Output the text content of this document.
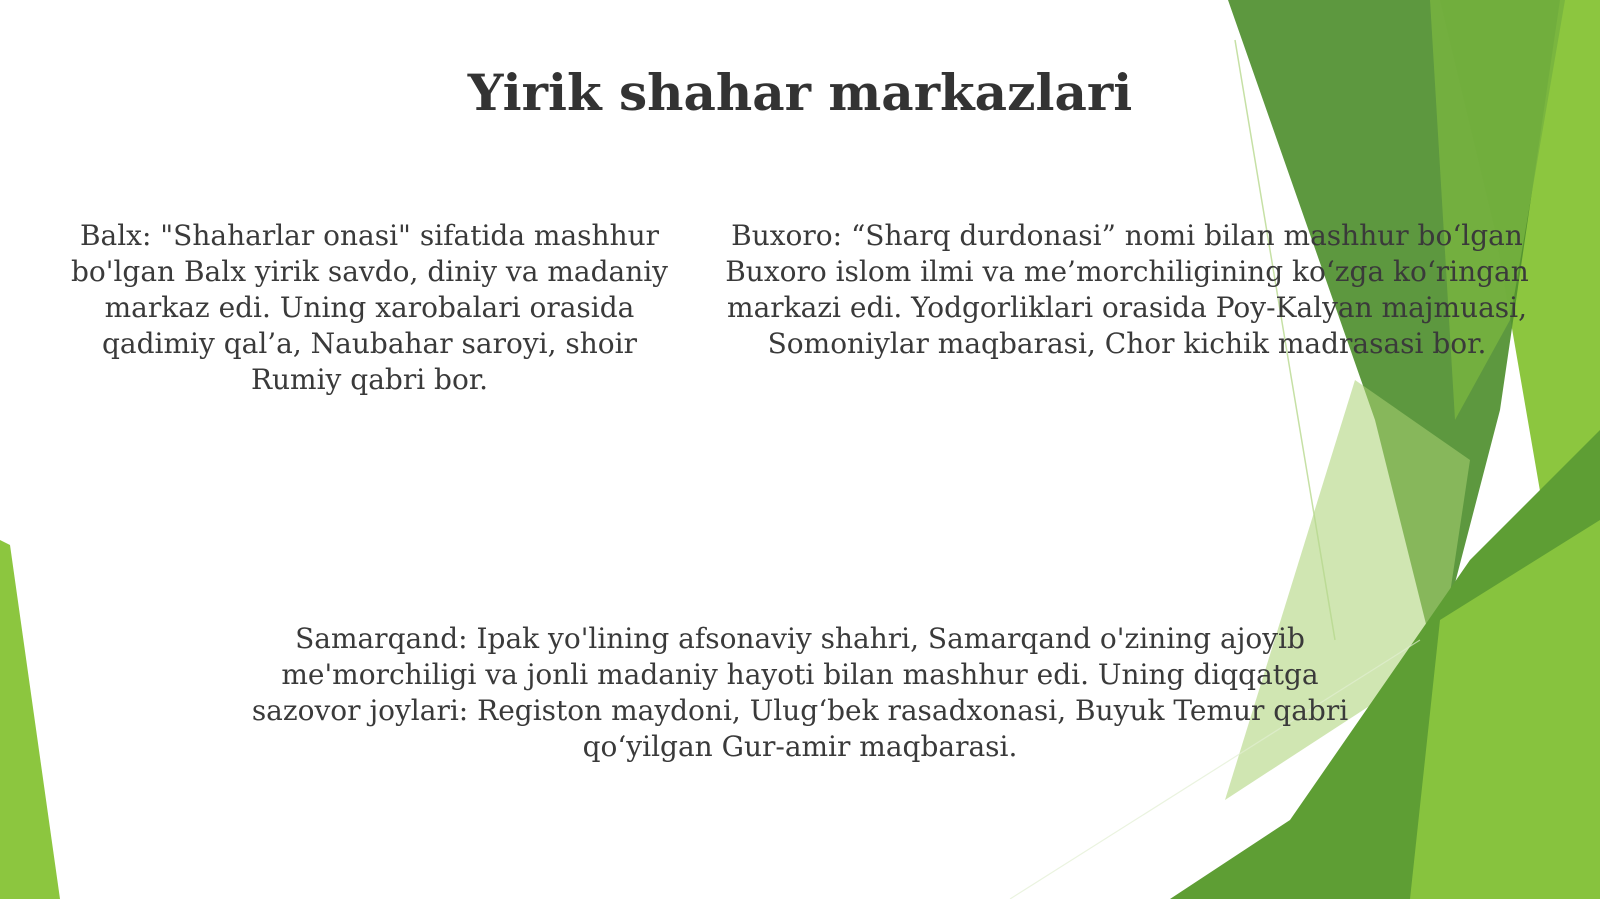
Yirik shahar markazlari

Balx: "Shaharlar onasi" sifatida mashhur bo'lgan Balx yirik savdo, diniy va madaniy markaz edi. Uning xarobalari orasida qadimiy qal’a, Naubahar saroyi, shoir Rumiy qabri bor.

Buxoro: “Sharq durdonasi” nomi bilan mashhur bo‘lgan Buxoro islom ilmi va me’morchiligining ko‘zga ko‘ringan markazi edi. Yodgorliklari orasida Poy-Kalyan majmuasi, Somoniylar maqbarasi, Chor kichik madrasasi bor.

Samarqand: Ipak yo'lining afsonaviy shahri, Samarqand o'zining ajoyib me'morchiligi va jonli madaniy hayoti bilan mashhur edi. Uning diqqatga sazovor joylari: Registon maydoni, Ulug‘bek rasadxonasi, Buyuk Temur qabri qo‘yilgan Gur-amir maqbarasi.
